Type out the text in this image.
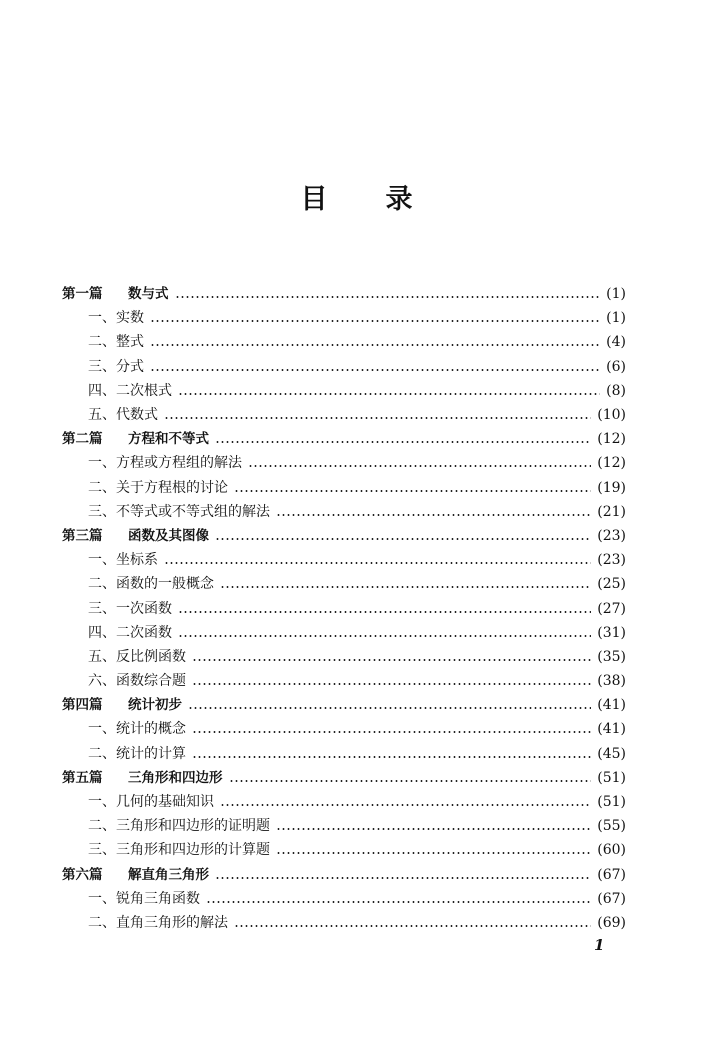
目 录
第一篇 数与式	(1)
一、实数	(1)
二、整式	(4)
三、分式	(6)
四、二次根式	(8)
五、代数式	(10)
第二篇 方程和不等式	(12)
一、方程或方程组的解法	(12)
二、关于方程根的讨论	(19)
三、不等式或不等式组的解法	(21)
第三篇 函数及其图像	(23)
一、坐标系	(23)
二、函数的一般概念	(25)
三、一次函数	(27)
四、二次函数	(31)
五、反比例函数	(35)
六、函数综合题	(38)
第四篇 统计初步	(41)
一、统计的概念	(41)
二、统计的计算	(45)
第五篇 三角形和四边形	(51)
一、几何的基础知识	(51)
二、三角形和四边形的证明题	(55)
三、三角形和四边形的计算题	(60)
第六篇 解直角三角形	(67)
一、锐角三角函数	(67)
二、直角三角形的解法	(69)
1
